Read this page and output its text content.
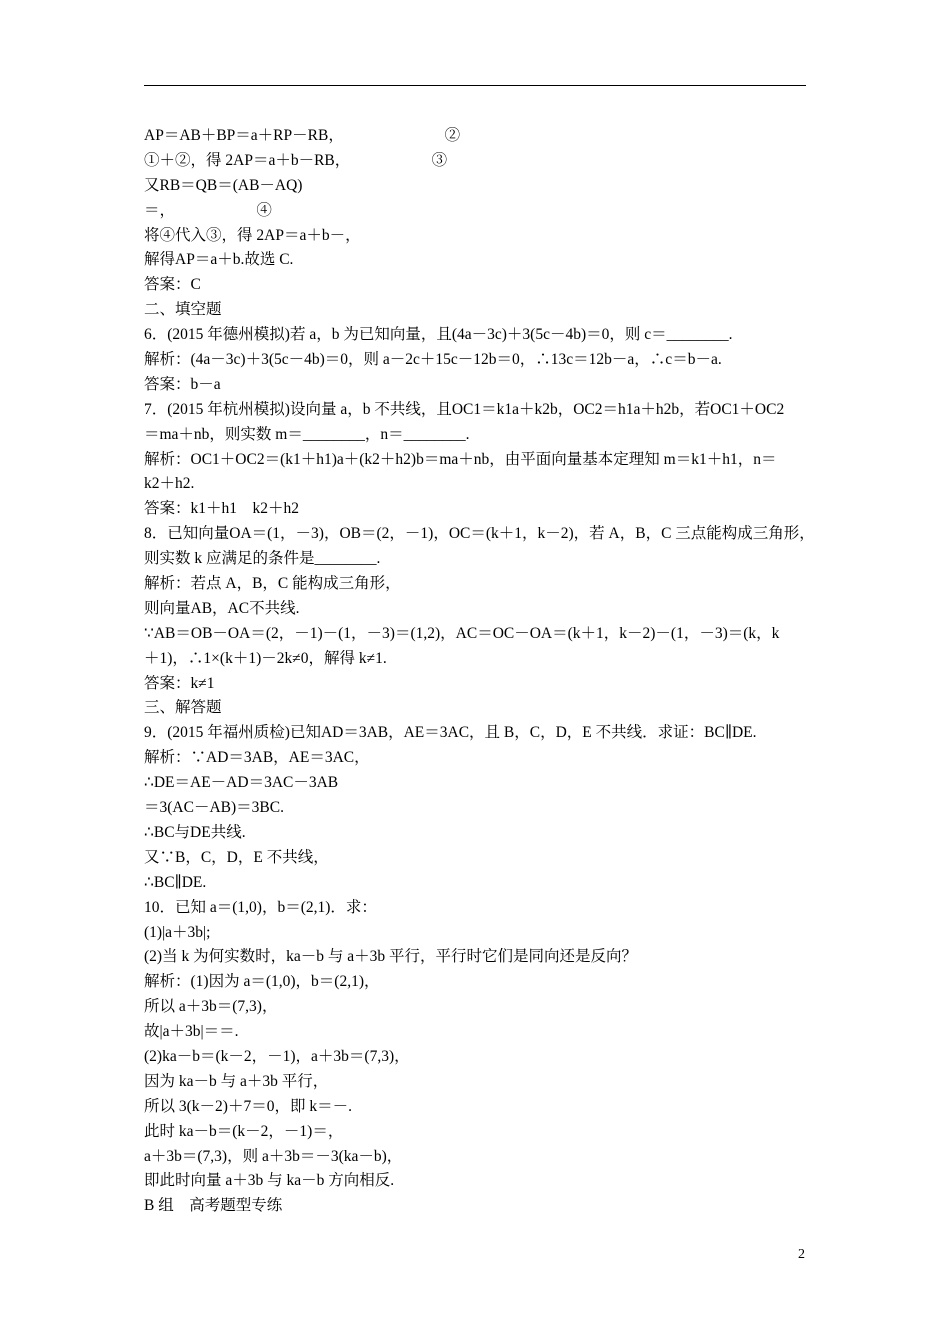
AP＝AB＋BP＝a＋RP－RB，                          ②
①＋②，得 2AP＝a＋b－RB，                     ③
又RB＝QB＝(AB－AQ)
＝，                     ④
将④代入③，得 2AP＝a＋b－，
解得AP＝a＋b.故选 C.
答案：C
二、填空题
6．(2015 年德州模拟)若 a，b 为已知向量，且(4a－3c)＋3(5c－4b)＝0，则 c＝________.
解析：(4a－3c)＋3(5c－4b)＝0，则 a－2c＋15c－12b＝0，∴13c＝12b－a，∴c＝b－a.
答案：b－a
7．(2015 年杭州模拟)设向量 a，b 不共线，且OC1＝k1a＋k2b，OC2＝h1a＋h2b，若OC1＋OC2
＝ma＋nb，则实数 m＝________，n＝________.
解析：OC1＋OC2＝(k1＋h1)a＋(k2＋h2)b＝ma＋nb，由平面向量基本定理知 m＝k1＋h1，n＝
k2＋h2.
答案：k1＋h1　k2＋h2
8．已知向量OA＝(1，－3)，OB＝(2，－1)，OC＝(k＋1，k－2)，若 A，B，C 三点能构成三角形，
则实数 k 应满足的条件是________.
解析：若点 A，B，C 能构成三角形，
则向量AB，AC不共线.
∵AB＝OB－OA＝(2，－1)－(1，－3)＝(1,2)，AC＝OC－OA＝(k＋1，k－2)－(1，－3)＝(k，k
＋1)，∴1×(k＋1)－2k≠0，解得 k≠1.
答案：k≠1
三、解答题
9．(2015 年福州质检)已知AD＝3AB，AE＝3AC，且 B，C，D，E 不共线．求证：BC∥DE.
解析：∵AD＝3AB，AE＝3AC，
∴DE＝AE－AD＝3AC－3AB
＝3(AC－AB)＝3BC.
∴BC与DE共线.
又∵B，C，D，E 不共线，
∴BC∥DE.
10．已知 a＝(1,0)，b＝(2,1)．求：
(1)|a＋3b|;
(2)当 k 为何实数时，ka－b 与 a＋3b 平行，平行时它们是同向还是反向？
解析：(1)因为 a＝(1,0)，b＝(2,1)，
所以 a＋3b＝(7,3)，
故|a＋3b|＝＝.
(2)ka－b＝(k－2，－1)，a＋3b＝(7,3)，
因为 ka－b 与 a＋3b 平行，
所以 3(k－2)＋7＝0，即 k＝－.
此时 ka－b＝(k－2，－1)＝，
a＋3b＝(7,3)，则 a＋3b＝－3(ka－b)，
即此时向量 a＋3b 与 ka－b 方向相反.
B 组　高考题型专练
2
